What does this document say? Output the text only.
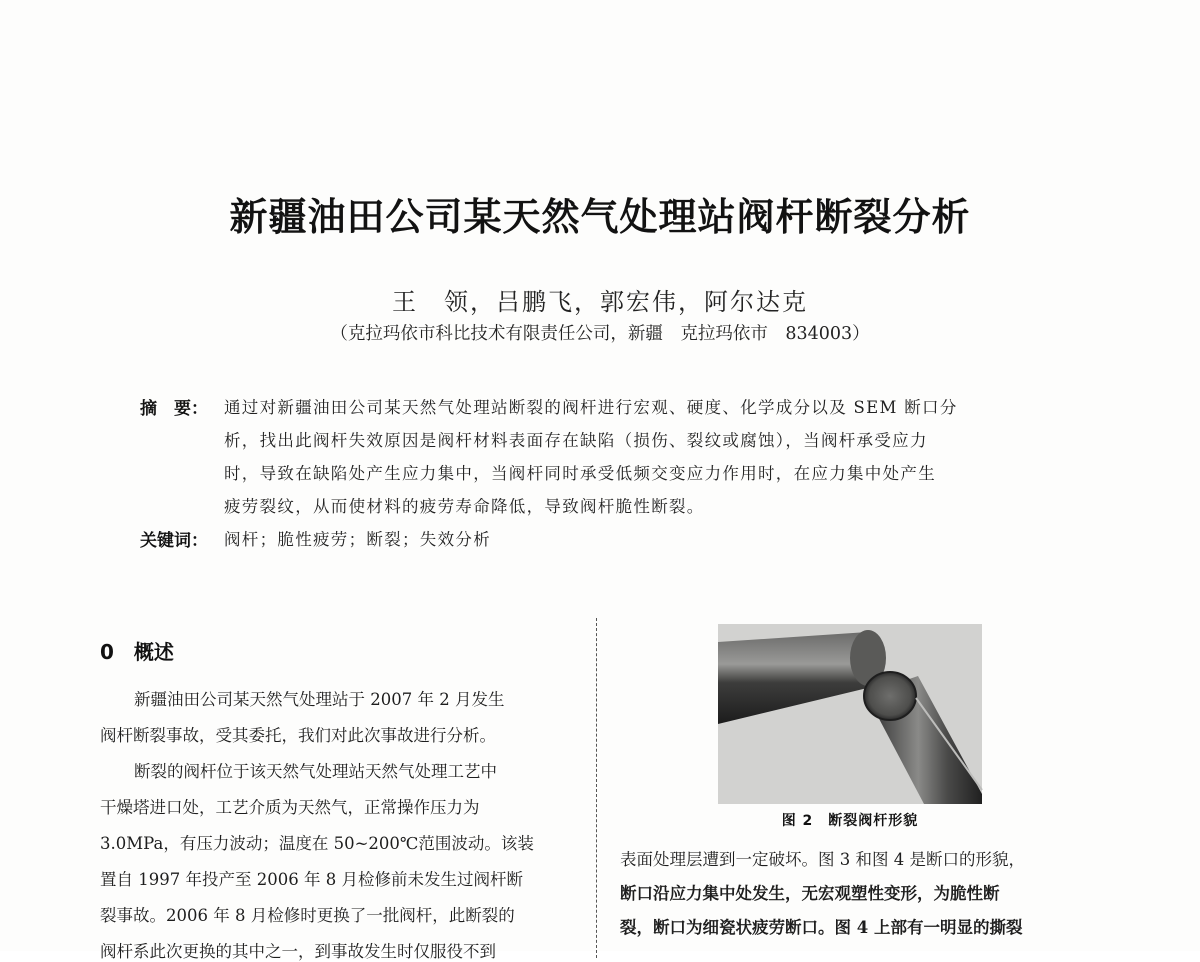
新疆油田公司某天然气处理站阀杆断裂分析
王　领，吕鹏飞，郭宏伟，阿尔达克
（克拉玛依市科比技术有限责任公司，新疆　克拉玛依市　834003）
摘　要： 通过对新疆油田公司某天然气处理站断裂的阀杆进行宏观、硬度、化学成分以及 SEM 断口分
析，找出此阀杆失效原因是阀杆材料表面存在缺陷（损伤、裂纹或腐蚀），当阀杆承受应力
时，导致在缺陷处产生应力集中，当阀杆同时承受低频交变应力作用时，在应力集中处产生
疲劳裂纹，从而使材料的疲劳寿命降低，导致阀杆脆性断裂。
关键词： 阀杆；脆性疲劳；断裂；失效分析
0　概述
新疆油田公司某天然气处理站于 2007 年 2 月发生
阀杆断裂事故，受其委托，我们对此次事故进行分析。
断裂的阀杆位于该天然气处理站天然气处理工艺中
干燥塔进口处，工艺介质为天然气，正常操作压力为
3.0MPa，有压力波动；温度在 50~200℃范围波动。该装
置自 1997 年投产至 2006 年 8 月检修前未发生过阀杆断
裂事故。2006 年 8 月检修时更换了一批阀杆，此断裂的
阀杆系此次更换的其中之一，到事故发生时仅服役不到
图 2　断裂阀杆形貌
表面处理层遭到一定破坏。图 3 和图 4 是断口的形貌，
断口沿应力集中处发生，无宏观塑性变形，为脆性断
裂，断口为细瓷状疲劳断口。图 4 上部有一明显的撕裂
